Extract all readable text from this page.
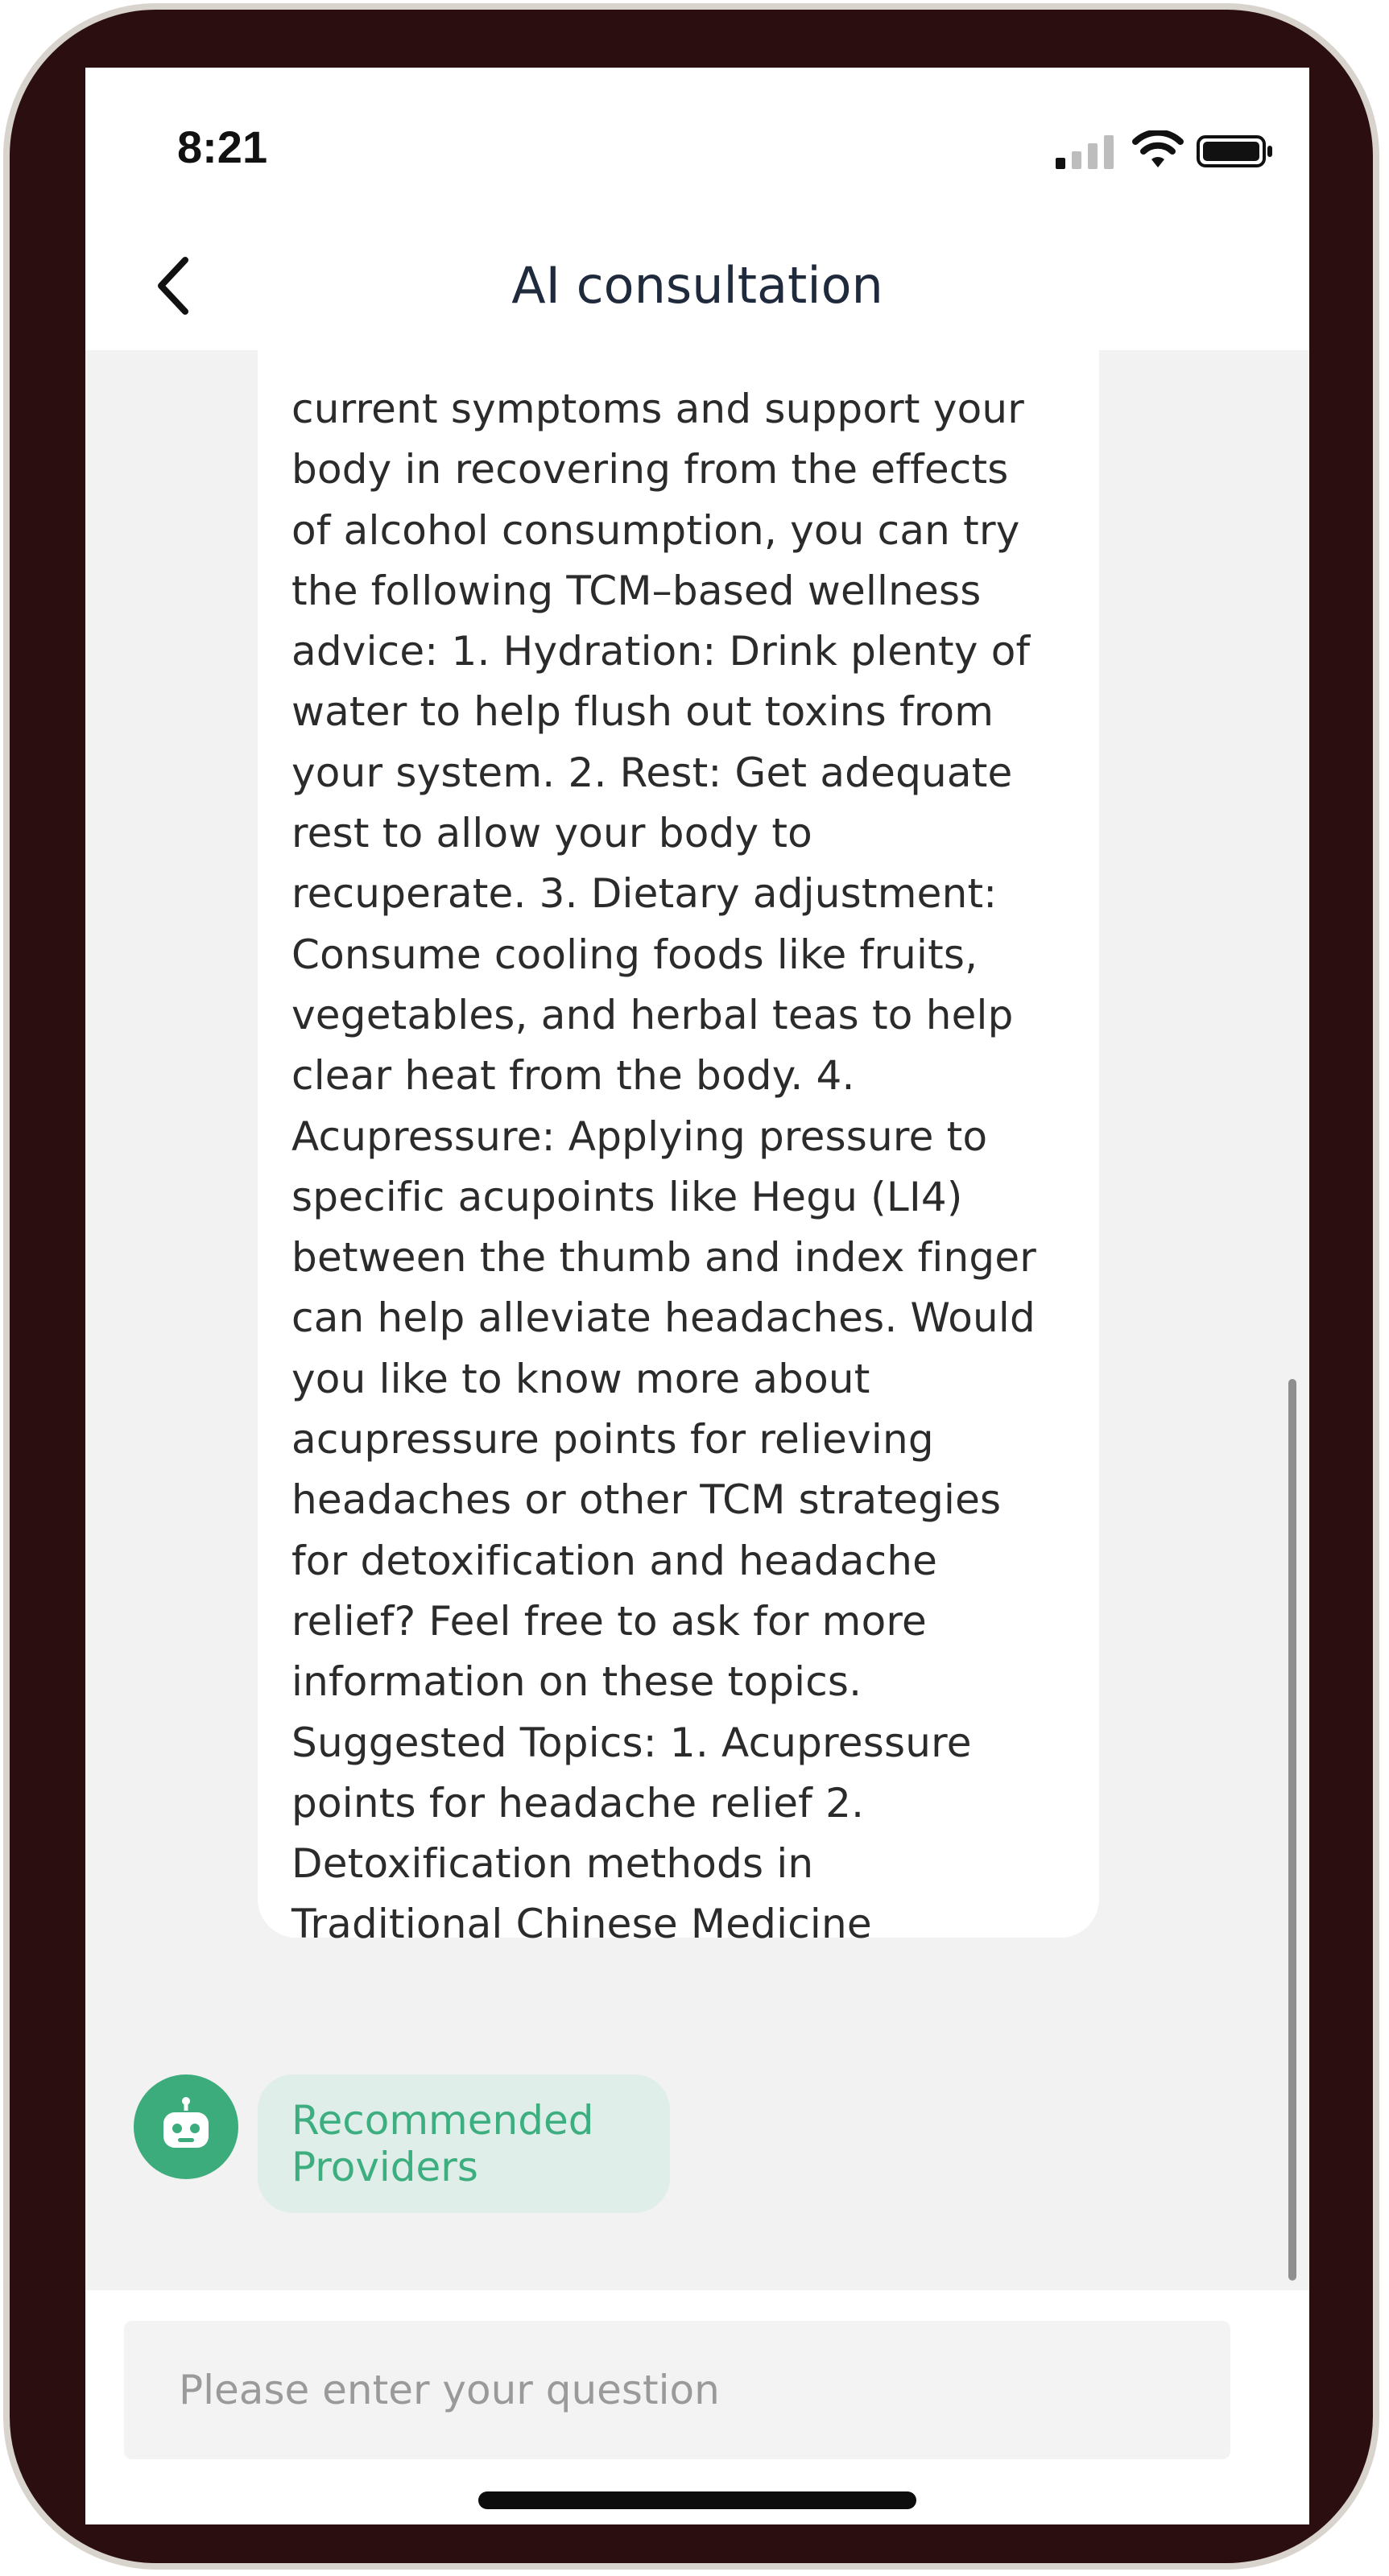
8:21
AI consultation

current symptoms and support your
body in recovering from the effects
of alcohol consumption, you can try
the following TCM–based wellness
advice: 1. Hydration: Drink plenty of
water to help flush out toxins from
your system. 2. Rest: Get adequate
rest to allow your body to
recuperate. 3. Dietary adjustment:
Consume cooling foods like fruits,
vegetables, and herbal teas to help
clear heat from the body. 4.
Acupressure: Applying pressure to
specific acupoints like Hegu (LI4)
between the thumb and index finger
can help alleviate headaches. Would
you like to know more about
acupressure points for relieving
headaches or other TCM strategies
for detoxification and headache
relief? Feel free to ask for more
information on these topics.
Suggested Topics: 1. Acupressure
points for headache relief 2.
Detoxification methods in
Traditional Chinese Medicine

Recommended Providers
Please enter your question
